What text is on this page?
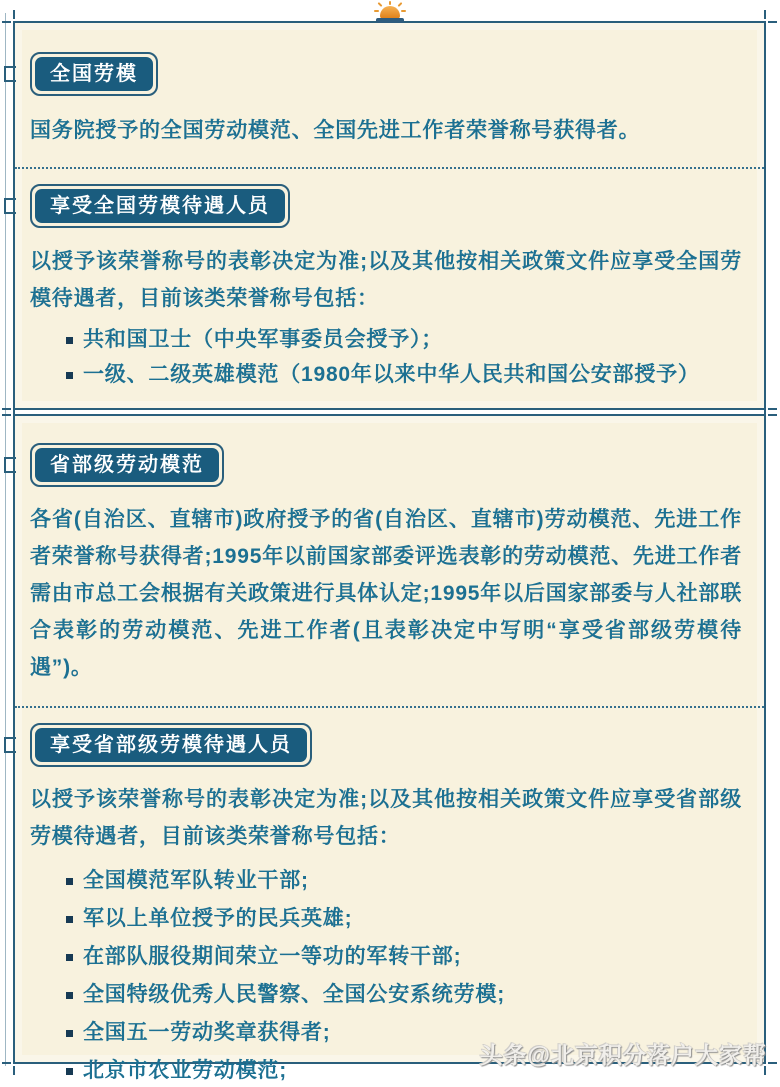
全国劳模

国务院授予的全国劳动模范、全国先进工作者荣誉称号获得者。

享受全国劳模待遇人员

以授予该荣誉称号的表彰决定为准;以及其他按相关政策文件应享受全国劳模待遇者，目前该类荣誉称号包括：

共和国卫士（中央军事委员会授予）；
一级、二级英雄模范（1980年以来中华人民共和国公安部授予）
省部级劳动模范

各省(自治区、直辖市)政府授予的省(自治区、直辖市)劳动模范、先进工作者荣誉称号获得者;1995年以前国家部委评选表彰的劳动模范、先进工作者需由市总工会根据有关政策进行具体认定;1995年以后国家部委与人社部联合表彰的劳动模范、先进工作者(且表彰决定中写明“享受省部级劳模待遇”)。

享受省部级劳模待遇人员

以授予该荣誉称号的表彰决定为准;以及其他按相关政策文件应享受省部级劳模待遇者，目前该类荣誉称号包括：

全国模范军队转业干部;
军以上单位授予的民兵英雄;
在部队服役期间荣立一等功的军转干部;
全国特级优秀人民警察、全国公安系统劳模;
全国五一劳动奖章获得者;
北京市农业劳动模范;
头条@北京积分落户大家帮
